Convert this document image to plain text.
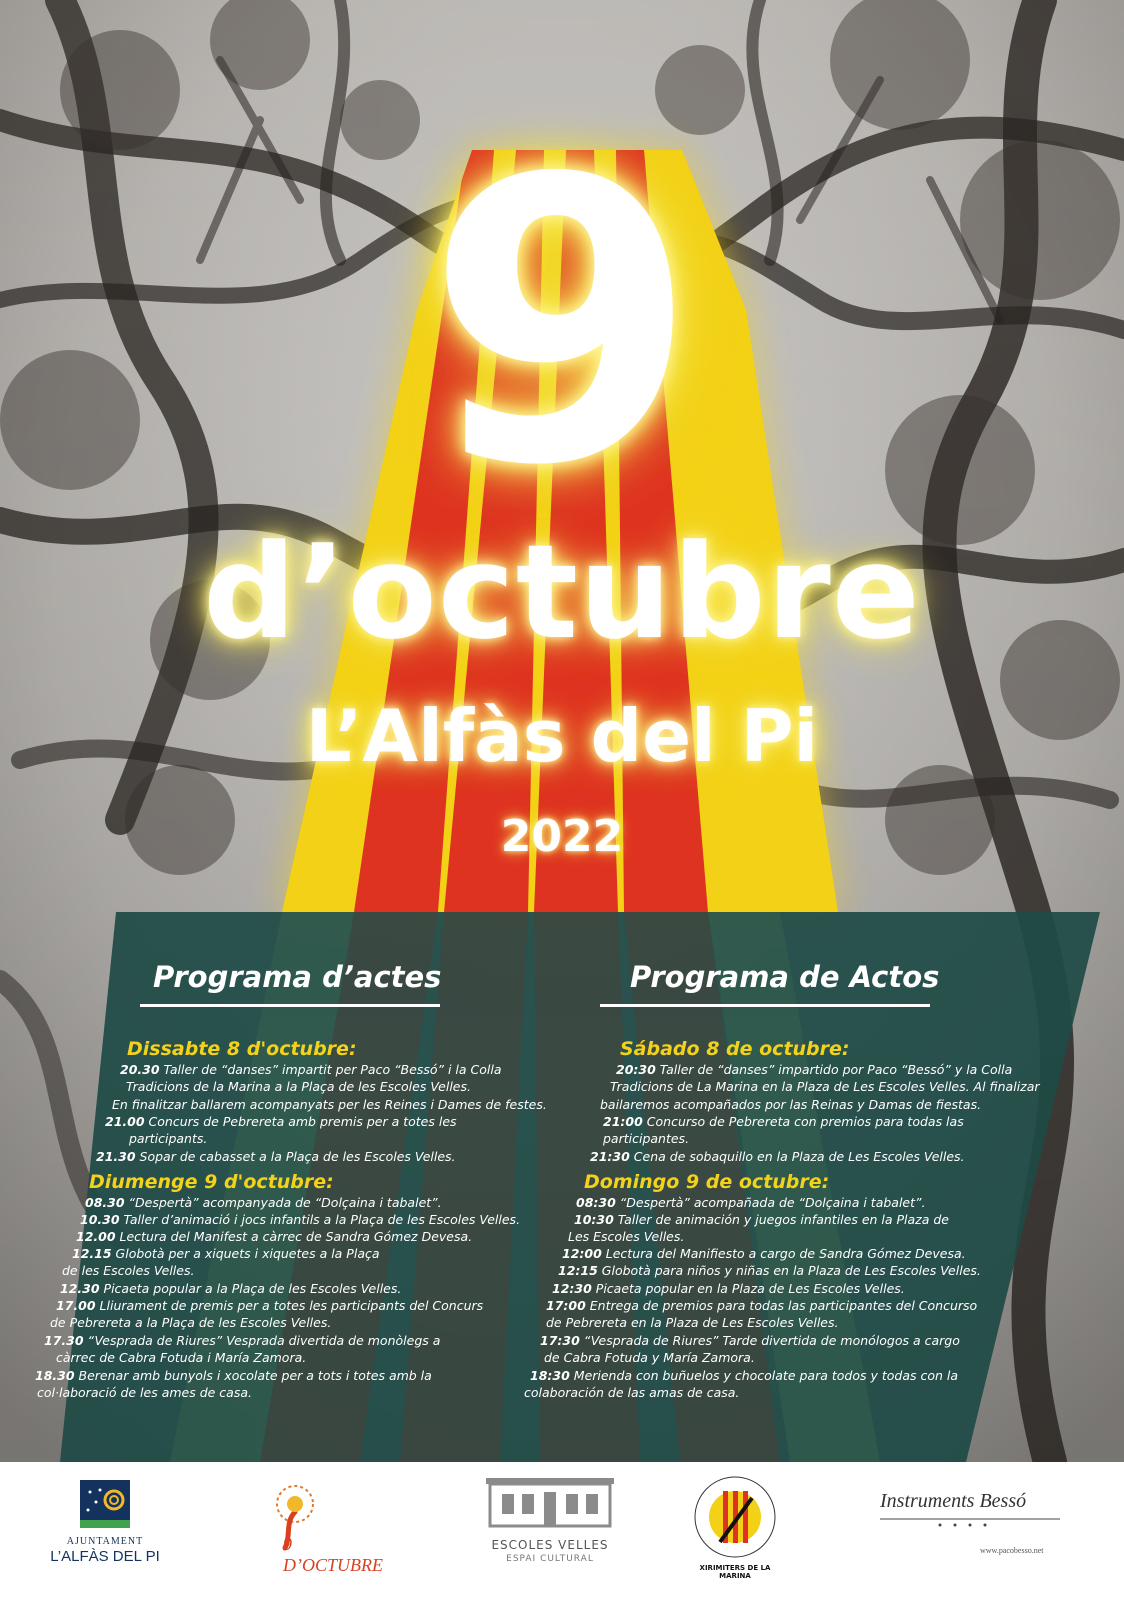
9
d’octubre
L’Alfàs del Pi
2022
Programa d’actes	Programa de Actos
Dissabte 8 d'octubre:
20.30 Taller de “danses” impartit per Paco “Bessó” i la Colla
Tradicions de la Marina a la Plaça de les Escoles Velles.
En finalitzar ballarem acompanyats per les Reines i Dames de festes.
21.00 Concurs de Pebrereta amb premis per a totes les
participants.
21.30 Sopar de cabasset a la Plaça de les Escoles Velles.
Diumenge 9 d'octubre:
08.30 “Despertà” acompanyada de “Dolçaina i tabalet”.
10.30 Taller d’animació i jocs infantils a la Plaça de les Escoles Velles.
12.00 Lectura del Manifest a càrrec de Sandra Gómez Devesa.
12.15 Globotà per a xiquets i xiquetes a la Plaça
de les Escoles Velles.
12.30 Picaeta popular a la Plaça de les Escoles Velles.
17.00 Lliurament de premis per a totes les participants del Concurs
de Pebrereta a la Plaça de les Escoles Velles.
17.30 “Vesprada de Riures” Vesprada divertida de monòlegs a
càrrec de Cabra Fotuda i María Zamora.
18.30 Berenar amb bunyols i xocolate per a tots i totes amb la
col·laboració de les ames de casa.
Sábado 8 de octubre:
20:30 Taller de “danses” impartido por Paco “Bessó” y la Colla
Tradicions de La Marina en la Plaza de Les Escoles Velles. Al finalizar
bailaremos acompañados por las Reinas y Damas de fiestas.
21:00 Concurso de Pebrereta con premios para todas las
participantes.
21:30 Cena de sobaquillo en la Plaza de Les Escoles Velles.
Domingo 9 de octubre:
08:30 “Despertà” acompañada de “Dolçaina i tabalet”.
10:30 Taller de animación y juegos infantiles en la Plaza de
Les Escoles Velles.
12:00 Lectura del Manifiesto a cargo de Sandra Gómez Devesa.
12:15 Globotà para niños y niñas en la Plaza de Les Escoles Velles.
12:30 Picaeta popular en la Plaza de Les Escoles Velles.
17:00 Entrega de premios para todas las participantes del Concurso
de Pebrereta en la Plaza de Les Escoles Velles.
17:30 “Vesprada de Riures” Tarde divertida de monólogos a cargo
de Cabra Fotuda y María Zamora.
18:30 Merienda con buñuelos y chocolate para todos y todas con la
colaboración de las amas de casa.
AJUNTAMENT
L’ALFÀS DEL PI
9 D’OCTUBRE
ESCOLES VELLES
ESPAI CULTURAL
XIRIMITERS DE LA MARINA
Instruments Bessó
www.pacobesso.net
